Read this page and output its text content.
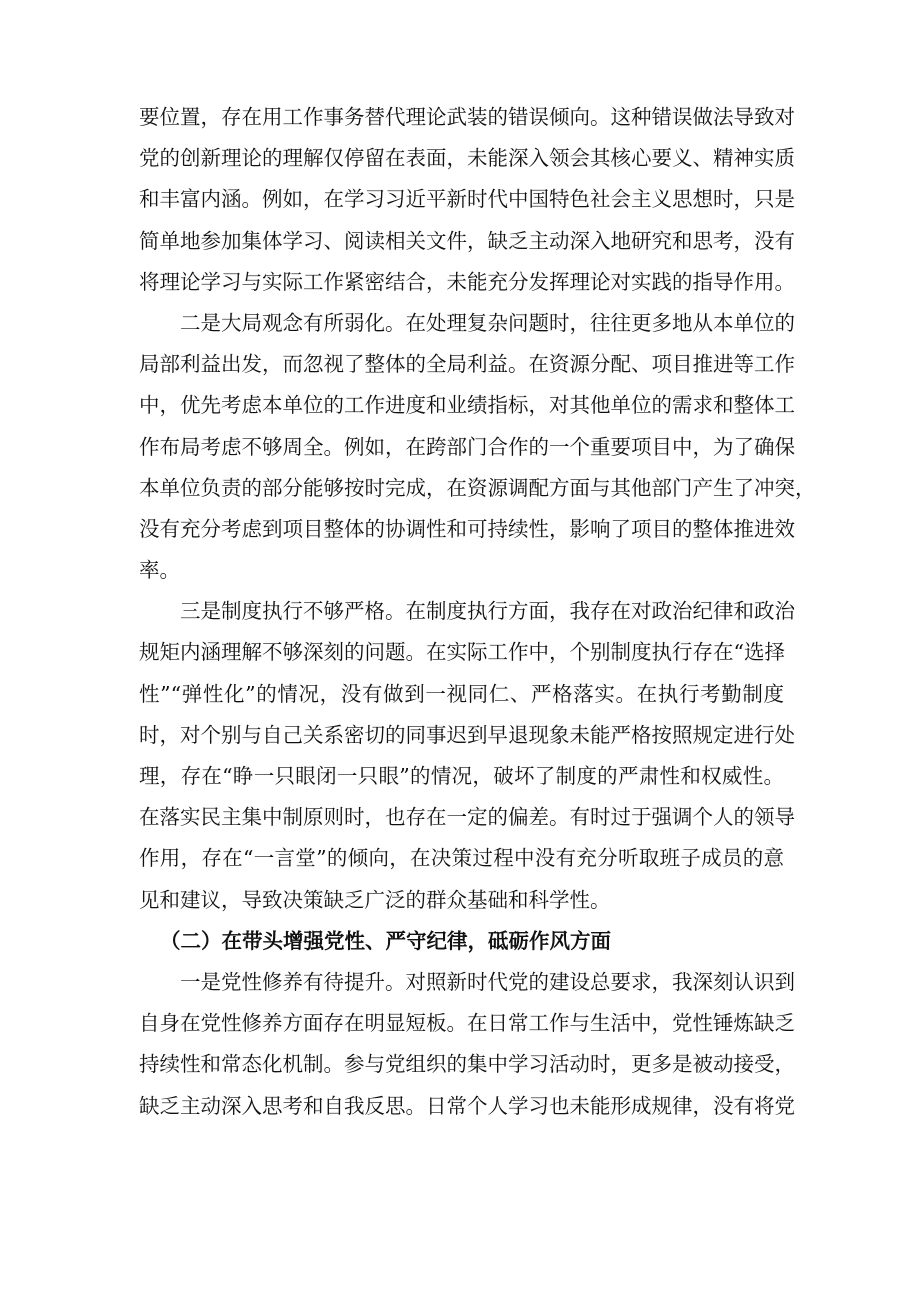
要位置，存在用工作事务替代理论武装的错误倾向。这种错误做法导致对
党的创新理论的理解仅停留在表面，未能深入领会其核心要义、精神实质
和丰富内涵。例如，在学习习近平新时代中国特色社会主义思想时，只是
简单地参加集体学习、阅读相关文件，缺乏主动深入地研究和思考，没有
将理论学习与实际工作紧密结合，未能充分发挥理论对实践的指导作用。
二是大局观念有所弱化。在处理复杂问题时，往往更多地从本单位的
局部利益出发，而忽视了整体的全局利益。在资源分配、项目推进等工作
中，优先考虑本单位的工作进度和业绩指标，对其他单位的需求和整体工
作布局考虑不够周全。例如，在跨部门合作的一个重要项目中，为了确保
本单位负责的部分能够按时完成，在资源调配方面与其他部门产生了冲突，
没有充分考虑到项目整体的协调性和可持续性，影响了项目的整体推进效
率。
三是制度执行不够严格。在制度执行方面，我存在对政治纪律和政治
规矩内涵理解不够深刻的问题。在实际工作中，个别制度执行存在“选择
性”“弹性化”的情况，没有做到一视同仁、严格落实。在执行考勤制度
时，对个别与自己关系密切的同事迟到早退现象未能严格按照规定进行处
理，存在“睁一只眼闭一只眼”的情况，破坏了制度的严肃性和权威性。
在落实民主集中制原则时，也存在一定的偏差。有时过于强调个人的领导
作用，存在“一言堂”的倾向，在决策过程中没有充分听取班子成员的意
见和建议，导致决策缺乏广泛的群众基础和科学性。
（二）在带头增强党性、严守纪律，砥砺作风方面
一是党性修养有待提升。对照新时代党的建设总要求，我深刻认识到
自身在党性修养方面存在明显短板。在日常工作与生活中，党性锤炼缺乏
持续性和常态化机制。参与党组织的集中学习活动时，更多是被动接受，
缺乏主动深入思考和自我反思。日常个人学习也未能形成规律，没有将党
